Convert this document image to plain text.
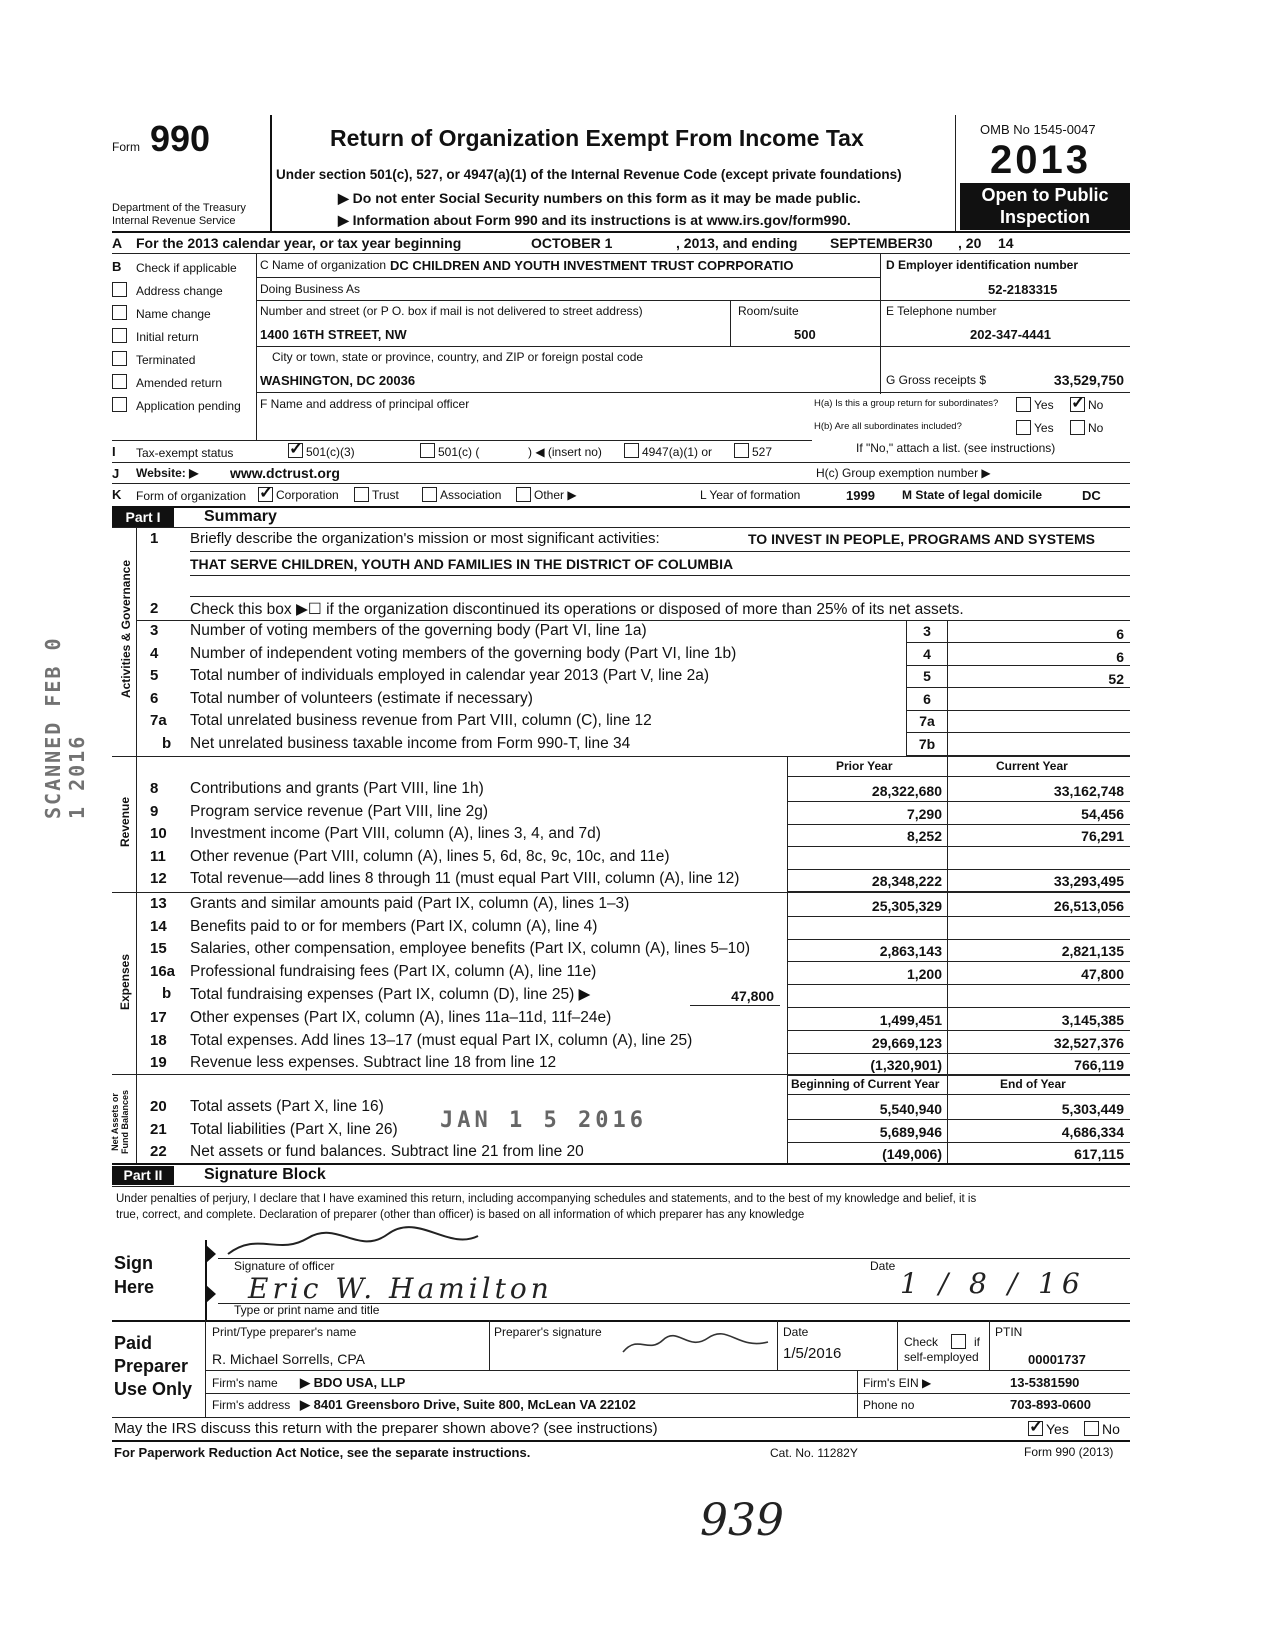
Form 990
Department of the Treasury
Internal Revenue Service
Return of Organization Exempt From Income Tax
Under section 501(c), 527, or 4947(a)(1) of the Internal Revenue Code (except private foundations)
▶ Do not enter Social Security numbers on this form as it may be made public.
▶ Information about Form 990 and its instructions is at www.irs.gov/form990.
OMB No 1545-0047
2013
Open to Public
Inspection
A For the 2013 calendar year, or tax year beginning	OCTOBER 1	, 2013, and ending SEPTEMBER30 , 20 14
B Check if applicable
Address change
Name change
Initial return
Terminated
Amended return
Application pending
C Name of organization DC CHILDREN AND YOUTH INVESTMENT TRUST COPRPORATIO
Doing Business As
Number and street (or P O. box if mail is not delivered to street address)	Room/suite
1400 16TH STREET, NW	500
City or town, state or province, country, and ZIP or foreign postal code
WASHINGTON, DC 20036
F Name and address of principal officer
D Employer identification number
52-2183315
E Telephone number
202-347-4441
G Gross receipts $	33,529,750
H(a) Is this a group return for subordinates?	Yes ✓	No
H(b) Are all subordinates included?	Yes	No
If "No," attach a list. (see instructions)
I Tax-exempt status ✓	501(c)(3)	501(c) (	) ◀ (insert no)	4947(a)(1) or	527
J Website: ▶ www.dctrust.org	H(c) Group exemption number ▶
K Form of organization ✓ Corporation	Trust	Association	Other ▶	L Year of formation	1999 M State of legal domicile	DC
Part I	Summary
Activities & Governance
Revenue
Expenses
Net Assets or Fund Balances
1 Briefly describe the organization's mission or most significant activities:	TO INVEST IN PEOPLE, PROGRAMS AND SYSTEMS
THAT SERVE CHILDREN, YOUTH AND FAMILIES IN THE DISTRICT OF COLUMBIA
2 Check this box ▶☐ if the organization discontinued its operations or disposed of more than 25% of its net assets.
3 Number of voting members of the governing body (Part VI, line 1a)	3	6
4 Number of independent voting members of the governing body (Part VI, line 1b)	4	6
5 Total number of individuals employed in calendar year 2013 (Part V, line 2a)	5	52
6 Total number of volunteers (estimate if necessary)	6
7a Total unrelated business revenue from Part VIII, column (C), line 12	7a
b Net unrelated business taxable income from Form 990-T, line 34	7b
Prior Year	Current Year
8 Contributions and grants (Part VIII, line 1h)	28,322,680	33,162,748
9 Program service revenue (Part VIII, line 2g)	7,290	54,456
10 Investment income (Part VIII, column (A), lines 3, 4, and 7d)	8,252	76,291
11 Other revenue (Part VIII, column (A), lines 5, 6d, 8c, 9c, 10c, and 11e)
12 Total revenue—add lines 8 through 11 (must equal Part VIII, column (A), line 12)	28,348,222	33,293,495
13 Grants and similar amounts paid (Part IX, column (A), lines 1–3)	25,305,329	26,513,056
14 Benefits paid to or for members (Part IX, column (A), line 4)
15 Salaries, other compensation, employee benefits (Part IX, column (A), lines 5–10)	2,863,143	2,821,135
16a Professional fundraising fees (Part IX, column (A), line 11e)	1,200	47,800
b Total fundraising expenses (Part IX, column (D), line 25) ▶	47,800
17 Other expenses (Part IX, column (A), lines 11a–11d, 11f–24e)	1,499,451	3,145,385
18 Total expenses. Add lines 13–17 (must equal Part IX, column (A), line 25)	29,669,123	32,527,376
19 Revenue less expenses. Subtract line 18 from line 12	(1,320,901)	766,119
Beginning of Current Year	End of Year
20 Total assets (Part X, line 16)	5,540,940	5,303,449
21 Total liabilities (Part X, line 26)	5,689,946	4,686,334
22 Net assets or fund balances. Subtract line 21 from line 20	(149,006)	617,115
Part II	Signature Block
Under penalties of perjury, I declare that I have examined this return, including accompanying schedules and statements, and to the best of my knowledge and belief, it is
true, correct, and complete. Declaration of preparer (other than officer) is based on all information of which preparer has any knowledge
Sign
Here
Signature of officer	Date
1 / 8 / 16
Eric W. Hamilton
Type or print name and title
Paid
Preparer
Use Only
Print/Type preparer's name
R. Michael Sorrells, CPA
Preparer's signature	Date
1/5/2016
Check	if
self-employed
PTIN
00001737
Firm's name ▶ BDO USA, LLP	Firm's EIN ▶	13-5381590
Firm's address ▶ 8401 Greensboro Drive, Suite 800, McLean VA 22102	Phone no	703-893-0600
May the IRS discuss this return with the preparer shown above? (see instructions) ✓	Yes No
For Paperwork Reduction Act Notice, see the separate instructions.	Cat. No. 11282Y	Form 990 (2013)
SCANNED FEB 0 1 2016
JAN 1 5 2016
939
